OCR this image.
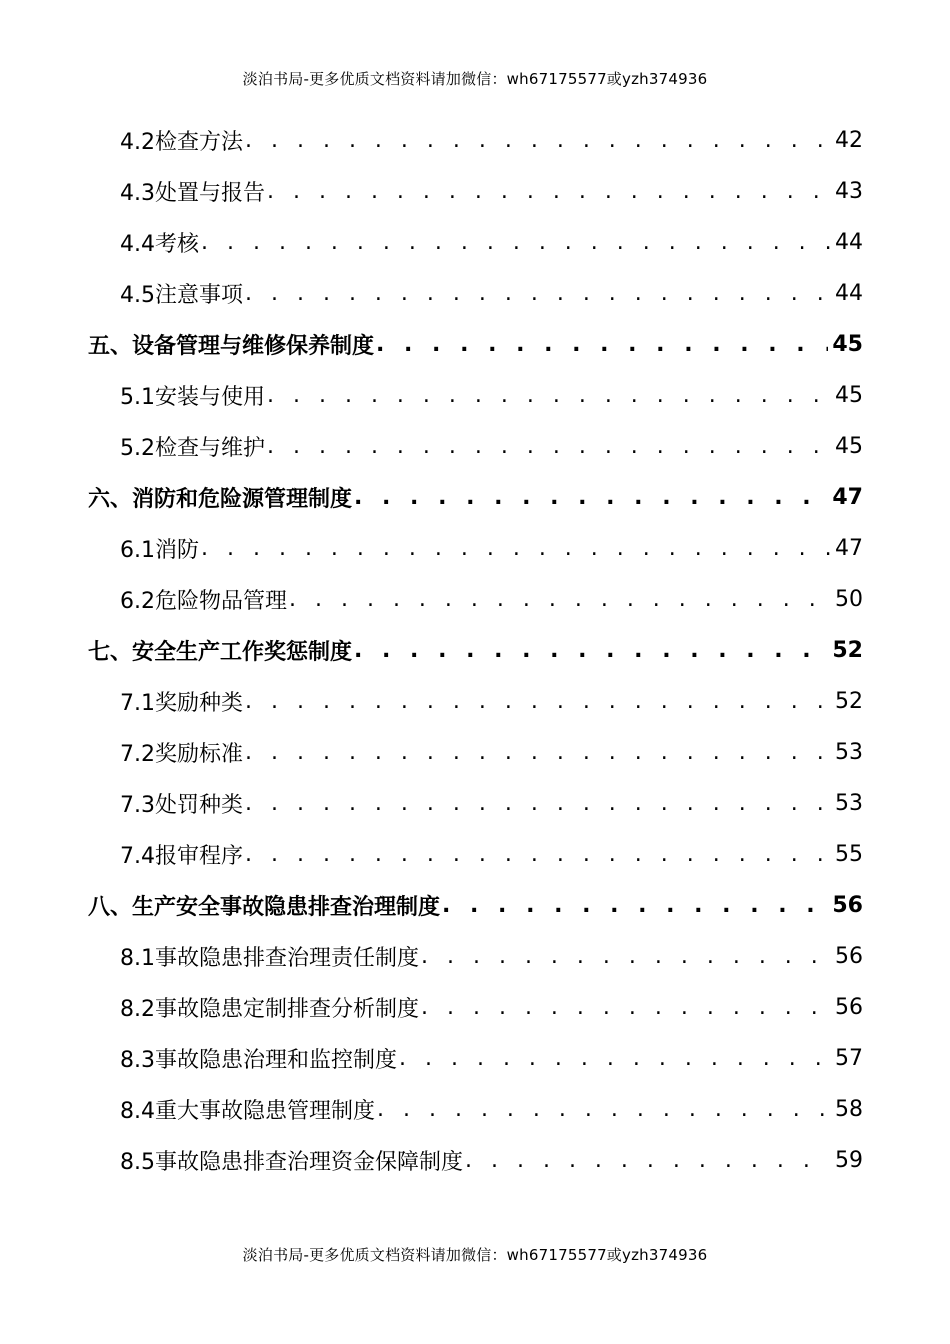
淡泊书局-更多优质文档资料请加微信：wh67175577或yzh374936
4.2检查方法 . . .	42
4.3处置与报告 . . .	43
4.4考核 . . .	44
4.5注意事项 . . .	44
五、设备管理与维修保养制度 . . .	45
5.1安装与使用 . . .	45
5.2检查与维护 . . .	45
六、消防和危险源管理制度 . . .	47
6.1消防 . . .	47
6.2危险物品管理 . . .	50
七、安全生产工作奖惩制度 . . .	52
7.1奖励种类 . . .	52
7.2奖励标准 . . .	53
7.3处罚种类 . . .	53
7.4报审程序 . . .	55
八、生产安全事故隐患排查治理制度 . . .	56
8.1事故隐患排查治理责任制度 . . .	56
8.2事故隐患定制排查分析制度 . . .	56
8.3事故隐患治理和监控制度 . . .	57
8.4重大事故隐患管理制度 . . .	58
8.5事故隐患排查治理资金保障制度 . . .	59
淡泊书局-更多优质文档资料请加微信：wh67175577或yzh374936
